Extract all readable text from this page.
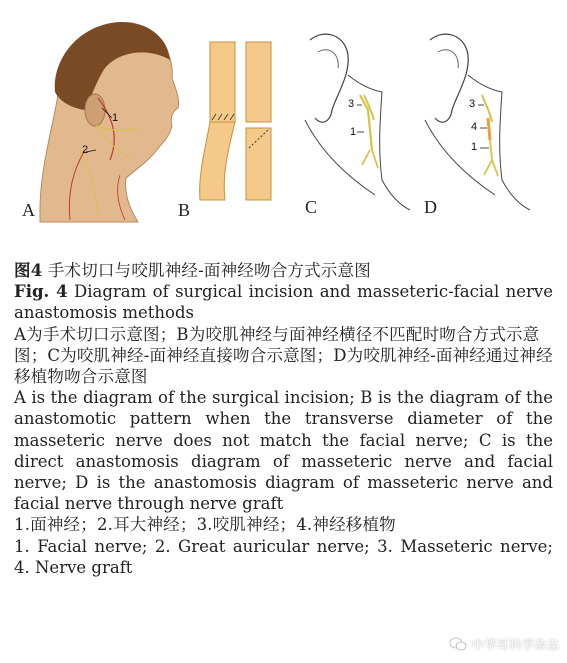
A	B	C	D
1
2
3
1
3
4
1

图4 手术切口与咬肌神经-面神经吻合方式示意图

Fig. 4 Diagram of surgical incision and masseteric-facial nerve anastomosis methods

A为手术切口示意图；B为咬肌神经与面神经横径不匹配时吻合方式示意图；C为咬肌神经-面神经直接吻合示意图；D为咬肌神经-面神经通过神经移植物吻合示意图

A is the diagram of the surgical incision; B is the diagram of the anastomotic pattern when the transverse diameter of the masseteric nerve does not match the facial nerve; C is the direct anastomosis diagram of masseteric nerve and facial nerve; D is the anastomosis diagram of masseteric nerve and facial nerve through nerve graft

1.面神经；2.耳大神经；3.咬肌神经；4.神经移植物

1. Facial nerve; 2. Great auricular nerve; 3. Masseteric nerve; 4. Nerve graft

中华耳科学杂志
